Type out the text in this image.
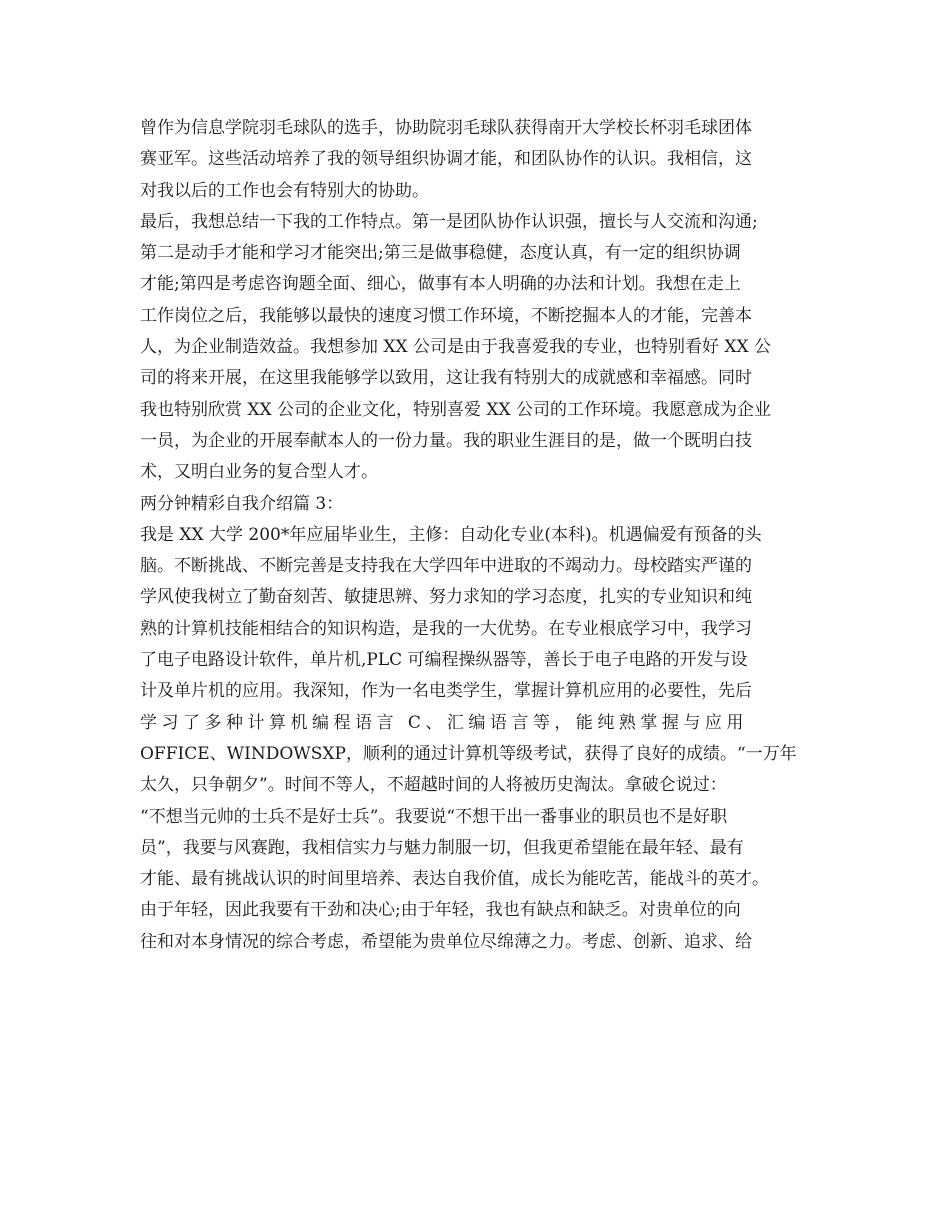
曾作为信息学院羽毛球队的选手，协助院羽毛球队获得南开大学校长杯羽毛球团体
赛亚军。这些活动培养了我的领导组织协调才能，和团队协作的认识。我相信，这
对我以后的工作也会有特别大的协助。
最后，我想总结一下我的工作特点。第一是团队协作认识强，擅长与人交流和沟通;
第二是动手才能和学习才能突出;第三是做事稳健，态度认真，有一定的组织协调
才能;第四是考虑咨询题全面、细心，做事有本人明确的办法和计划。我想在走上
工作岗位之后，我能够以最快的速度习惯工作环境，不断挖掘本人的才能，完善本
人，为企业制造效益。我想参加 XX 公司是由于我喜爱我的专业，也特别看好 XX 公
司的将来开展，在这里我能够学以致用，这让我有特别大的成就感和幸福感。同时
我也特别欣赏 XX 公司的企业文化，特别喜爱 XX 公司的工作环境。我愿意成为企业
一员，为企业的开展奉献本人的一份力量。我的职业生涯目的是，做一个既明白技
术，又明白业务的复合型人才。
两分钟精彩自我介绍篇 3：
我是 XX 大学 200*年应届毕业生，主修：自动化专业(本科)。机遇偏爱有预备的头
脑。不断挑战、不断完善是支持我在大学四年中进取的不竭动力。母校踏实严谨的
学风使我树立了勤奋刻苦、敏捷思辨、努力求知的学习态度，扎实的专业知识和纯
熟的计算机技能相结合的知识构造，是我的一大优势。在专业根底学习中，我学习
了电子电路设计软件，单片机,PLC 可编程操纵器等，善长于电子电路的开发与设
计及单片机的应用。我深知，作为一名电类学生，掌握计算机应用的必要性，先后
学习了多种计算机编程语言 C、汇编语言等，能纯熟掌握与应用
OFFICE、WINDOWSXP，顺利的通过计算机等级考试，获得了良好的成绩。“一万年
太久，只争朝夕”。时间不等人，不超越时间的人将被历史淘汰。拿破仑说过：
“不想当元帅的士兵不是好士兵”。我要说“不想干出一番事业的职员也不是好职
员”，我要与风赛跑，我相信实力与魅力制服一切，但我更希望能在最年轻、最有
才能、最有挑战认识的时间里培养、表达自我价值，成长为能吃苦，能战斗的英才。
由于年轻，因此我要有干劲和决心;由于年轻，我也有缺点和缺乏。对贵单位的向
往和对本身情况的综合考虑，希望能为贵单位尽绵薄之力。考虑、创新、追求、给
